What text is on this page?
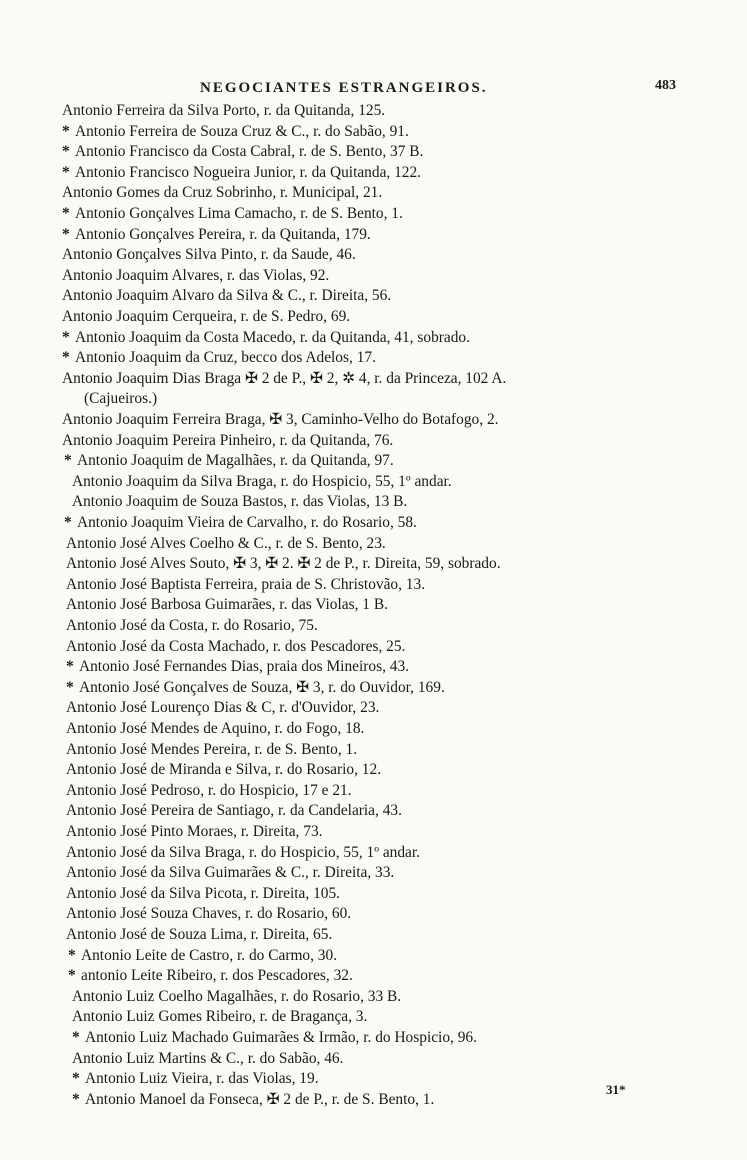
NEGOCIANTES ESTRANGEIROS.	483
Antonio Ferreira da Silva Porto, r. da Quitanda, 125.
* Antonio Ferreira de Souza Cruz & C., r. do Sabão, 91.
* Antonio Francisco da Costa Cabral, r. de S. Bento, 37 B.
* Antonio Francisco Nogueira Junior, r. da Quitanda, 122.
Antonio Gomes da Cruz Sobrinho, r. Municipal, 21.
* Antonio Gonçalves Lima Camacho, r. de S. Bento, 1.
* Antonio Gonçalves Pereira, r. da Quitanda, 179.
Antonio Gonçalves Silva Pinto, r. da Saude, 46.
Antonio Joaquim Alvares, r. das Violas, 92.
Antonio Joaquim Alvaro da Silva & C., r. Direita, 56.
Antonio Joaquim Cerqueira, r. de S. Pedro, 69.
* Antonio Joaquim da Costa Macedo, r. da Quitanda, 41, sobrado.
* Antonio Joaquim da Cruz, becco dos Adelos, 17.
Antonio Joaquim Dias Braga ✠ 2 de P., ✠ 2, ✲ 4, r. da Princeza, 102 A.
(Cajueiros.)
Antonio Joaquim Ferreira Braga, ✠ 3, Caminho-Velho do Botafogo, 2.
Antonio Joaquim Pereira Pinheiro, r. da Quitanda, 76.
* Antonio Joaquim de Magalhães, r. da Quitanda, 97.
Antonio Joaquim da Silva Braga, r. do Hospicio, 55, 1º andar.
Antonio Joaquim de Souza Bastos, r. das Violas, 13 B.
* Antonio Joaquim Vieira de Carvalho, r. do Rosario, 58.
Antonio José Alves Coelho & C., r. de S. Bento, 23.
Antonio José Alves Souto, ✠ 3, ✠ 2. ✠ 2 de P., r. Direita, 59, sobrado.
Antonio José Baptista Ferreira, praia de S. Christovão, 13.
Antonio José Barbosa Guimarães, r. das Violas, 1 B.
Antonio José da Costa, r. do Rosario, 75.
Antonio José da Costa Machado, r. dos Pescadores, 25.
* Antonio José Fernandes Dias, praia dos Mineiros, 43.
* Antonio José Gonçalves de Souza, ✠ 3, r. do Ouvidor, 169.
Antonio José Lourenço Dias & C, r. d'Ouvidor, 23.
Antonio José Mendes de Aquino, r. do Fogo, 18.
Antonio José Mendes Pereira, r. de S. Bento, 1.
Antonio José de Miranda e Silva, r. do Rosario, 12.
Antonio José Pedroso, r. do Hospicio, 17 e 21.
Antonio José Pereira de Santiago, r. da Candelaria, 43.
Antonio José Pinto Moraes, r. Direita, 73.
Antonio José da Silva Braga, r. do Hospicio, 55, 1º andar.
Antonio José da Silva Guimarães & C., r. Direita, 33.
Antonio José da Silva Picota, r. Direita, 105.
Antonio José Souza Chaves, r. do Rosario, 60.
Antonio José de Souza Lima, r. Direita, 65.
* Antonio Leite de Castro, r. do Carmo, 30.
* antonio Leite Ribeiro, r. dos Pescadores, 32.
Antonio Luiz Coelho Magalhães, r. do Rosario, 33 B.
Antonio Luiz Gomes Ribeiro, r. de Bragança, 3.
* Antonio Luiz Machado Guimarães & Irmão, r. do Hospicio, 96.
Antonio Luiz Martins & C., r. do Sabão, 46.
* Antonio Luiz Vieira, r. das Violas, 19.
* Antonio Manoel da Fonseca, ✠ 2 de P., r. de S. Bento, 1.
31*
